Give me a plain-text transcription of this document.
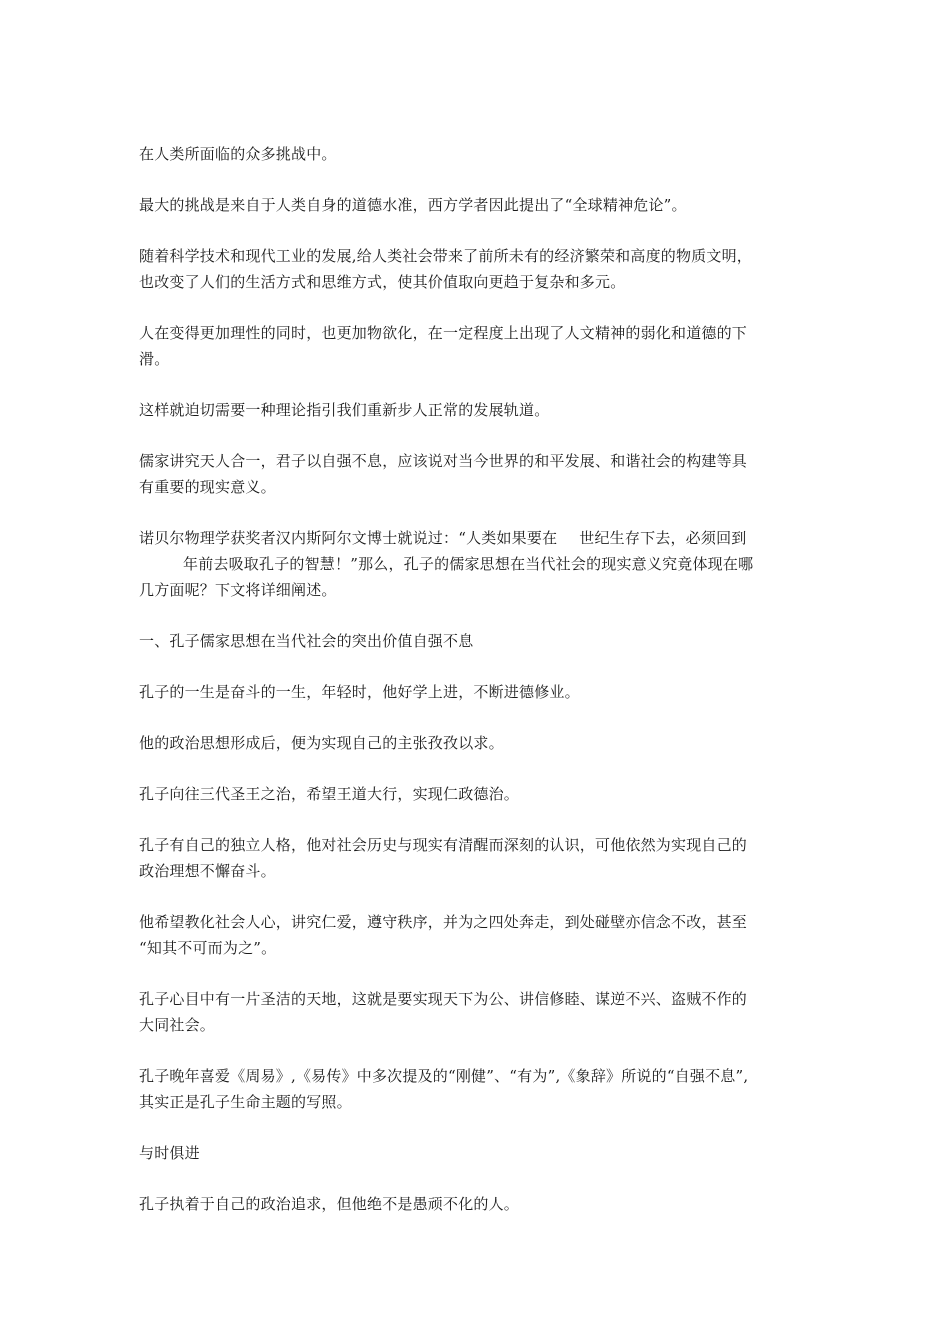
在人类所面临的众多挑战中。

最大的挑战是来自于人类自身的道德水准，西方学者因此提出了“全球精神危论”。

随着科学技术和现代工业的发展,给人类社会带来了前所未有的经济繁荣和高度的物质文明，
也改变了人们的生活方式和思维方式，使其价值取向更趋于复杂和多元。

人在变得更加理性的同时，也更加物欲化，在一定程度上出现了人文精神的弱化和道德的下
滑。

这样就迫切需要一种理论指引我们重新步人正常的发展轨道。

儒家讲究天人合一，君子以自强不息，应该说对当今世界的和平发展、和谐社会的构建等具
有重要的现实意义。

诺贝尔物理学获奖者汉内斯阿尔文博士就说过：“人类如果要在 世纪生存下去，必须回到
年前去吸取孔子的智慧！”那么，孔子的儒家思想在当代社会的现实意义究竟体现在哪
几方面呢？下文将详细阐述。

一、孔子儒家思想在当代社会的突出价值自强不息

孔子的一生是奋斗的一生，年轻时，他好学上进，不断进德修业。

他的政治思想形成后，便为实现自己的主张孜孜以求。

孔子向往三代圣王之治，希望王道大行，实现仁政德治。

孔子有自己的独立人格，他对社会历史与现实有清醒而深刻的认识，可他依然为实现自己的
政治理想不懈奋斗。

他希望教化社会人心，讲究仁爱，遵守秩序，并为之四处奔走，到处碰壁亦信念不改，甚至
“知其不可而为之”。

孔子心目中有一片圣洁的天地，这就是要实现天下为公、讲信修睦、谋逆不兴、盗贼不作的
大同社会。

孔子晚年喜爱《周易》,《易传》中多次提及的“刚健”、“有为”,《象辞》所说的“自强不息”,
其实正是孔子生命主题的写照。

与时俱进

孔子执着于自己的政治追求，但他绝不是愚顽不化的人。
